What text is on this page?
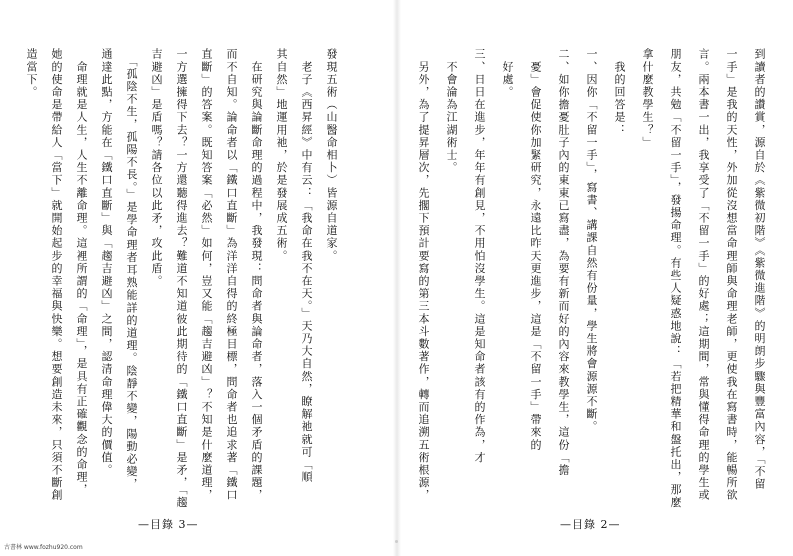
發現五術（山醫命相卜）皆源自道家。
　老子《西昇經》中有云：「我命在我不在天。」天乃大自然，瞭解祂就可「順
其自然」地運用祂，於是發展成五術。
　在研究與論斷命理的過程中，我發現：問命者與論命者，落入一個矛盾的課題，
而不自知。論命者以「鐵口直斷」為洋洋自得的終極目標，問命者也追求著「鐵口
直斷」的答案。既知答案「必然」如何，豈又能「趨吉避凶」？不知是什麼道理，
一方選擁得下去？一方還聽得進去？難道不知道彼此期待的「鐵口直斷」是矛，「趨
吉避凶」是盾嗎？請各位以此矛，攻此盾。
　「孤陰不生，孤陽不長。」是學命理者耳熟能詳的道理。陰靜不變，陽動必變，
通達此點，方能在「鐵口直斷」與「趨吉避凶」之間，認清命理偉大的價值。
　命理就是人生，人生不離命理。這裡所謂的「命理」，是具有正確觀念的命理，
她的使命是帶給人「當下」就開始起步的幸福與快樂。想要創造未來，只須不斷創
造當下。	到讀者的讚賞，源自於《紫微初階》《紫微進階》的明朗步驟與豐富內容，「不留
一手」是我的天性，外加從沒想當命理師與命理老師，更使我在寫書時，能暢所欲
言。兩本書一出，我享受了「不留一手」的好處；這期間，常與懂得命理的學生或
朋友，共勉「不留一手」，發揚命理。有些人疑惑地說：「若把精華和盤托出，那麼
拿什麼教學生？」
　我的回答是：
一、因你「不留一手」，寫書、講課自然有份量，學生將會源源不斷。
二、如你擔憂肚子內的東東已寫盡，為要有新而好的內容來教學生，這份「擔
　憂」會促使你加緊研究，永遠比昨天更進步，這是「不留一手」帶來的
　好處。
三、日日在進步，年年有創見，不用怕沒學生。這是知命者該有的作為，才
　不會淪為江湖術士。
　另外，為了提昇層次，先擱下預計要寫的第三本斗數著作，轉而追溯五術根源，
—目錄 3—	—目錄 2—
古書林 www.fozhu920.com
